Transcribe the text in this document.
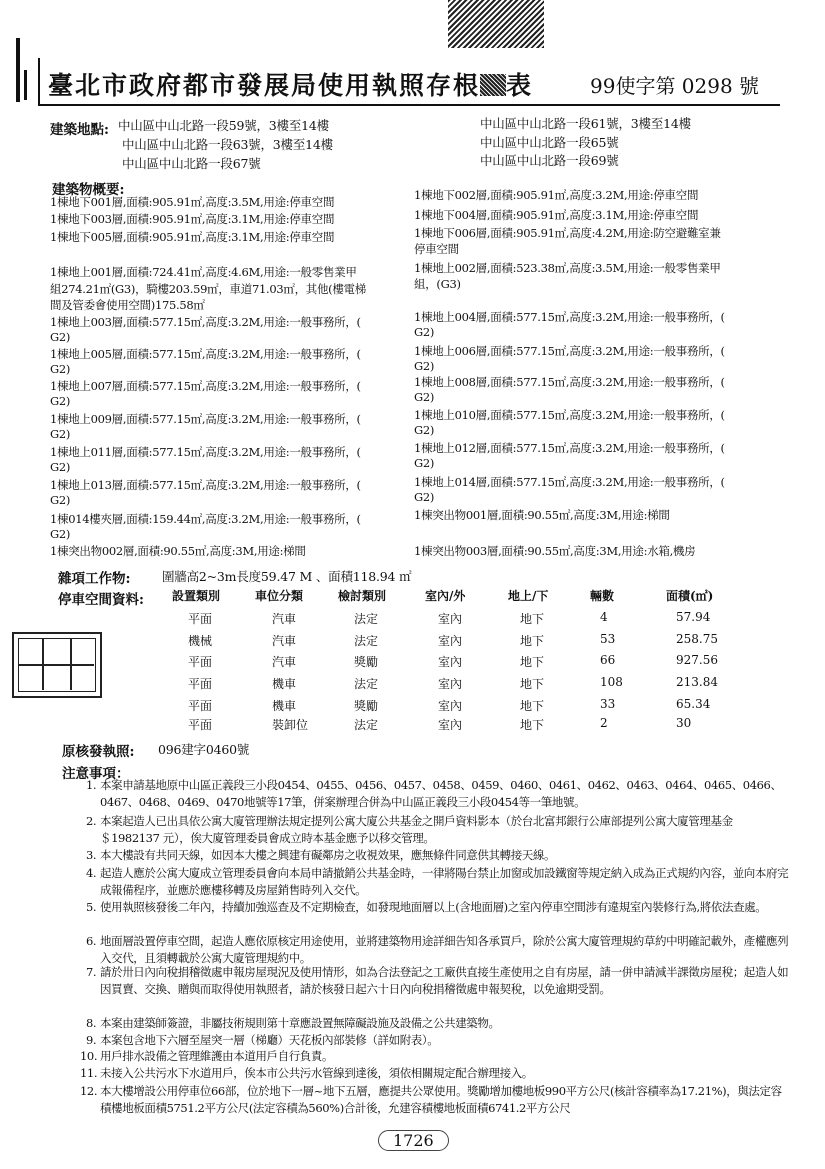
臺北市政府都市發展局使用執照存根 表	99使字第 0298 號
建築地點: 中山區中山北路一段59號，3樓至14樓	中山區中山北路一段61號，3樓至14樓
中山區中山北路一段63號，3樓至14樓	中山區中山北路一段65號
中山區中山北路一段67號	中山區中山北路一段69號
建築物概要:
1棟地下001層,面積:905.91㎡,高度:3.5M,用途:停車空間
1棟地下003層,面積:905.91㎡,高度:3.1M,用途:停車空間
1棟地下005層,面積:905.91㎡,高度:3.1M,用途:停車空間
1棟地上001層,面積:724.41㎡,高度:4.6M,用途:一般零售業甲
組274.21㎡(G3)，騎樓203.59㎡，車道71.03㎡，其他(樓電梯
間及管委會使用空間)175.58㎡
1棟地上003層,面積:577.15㎡,高度:3.2M,用途:一般事務所，(
G2)
1棟地上005層,面積:577.15㎡,高度:3.2M,用途:一般事務所，(
G2)
1棟地上007層,面積:577.15㎡,高度:3.2M,用途:一般事務所，(
G2)
1棟地上009層,面積:577.15㎡,高度:3.2M,用途:一般事務所，(
G2)
1棟地上011層,面積:577.15㎡,高度:3.2M,用途:一般事務所，(
G2)
1棟地上013層,面積:577.15㎡,高度:3.2M,用途:一般事務所，(
G2)
1棟014樓夾層,面積:159.44㎡,高度:3.2M,用途:一般事務所，(
G2)
1棟突出物002層,面積:90.55㎡,高度:3M,用途:梯間
1棟地下002層,面積:905.91㎡,高度:3.2M,用途:停車空間
1棟地下004層,面積:905.91㎡,高度:3.1M,用途:停車空間
1棟地下006層,面積:905.91㎡,高度:4.2M,用途:防空避難室兼
停車空間
1棟地上002層,面積:523.38㎡,高度:3.5M,用途:一般零售業甲
組，(G3)
1棟地上004層,面積:577.15㎡,高度:3.2M,用途:一般事務所，(
G2)
1棟地上006層,面積:577.15㎡,高度:3.2M,用途:一般事務所，(
G2)
1棟地上008層,面積:577.15㎡,高度:3.2M,用途:一般事務所，(
G2)
1棟地上010層,面積:577.15㎡,高度:3.2M,用途:一般事務所，(
G2)
1棟地上012層,面積:577.15㎡,高度:3.2M,用途:一般事務所，(
G2)
1棟地上014層,面積:577.15㎡,高度:3.2M,用途:一般事務所，(
G2)
1棟突出物001層,面積:90.55㎡,高度:3M,用途:梯間
1棟突出物003層,面積:90.55㎡,高度:3M,用途:水箱,機房
雜項工作物:	圍牆高2~3m長度59.47 M 、面積118.94 ㎡
停車空間資料: 設置類別	車位分類	檢討類別	室內/外	地上/下	輛數	面積(㎡)
平面	汽車	法定	室內	地下	4	57.94
機械	汽車	法定	室內	地下	53	258.75
平面	汽車	獎勵	室內	地下	66	927.56
平面	機車	法定	室內	地下	108	213.84
平面	機車	獎勵	室內	地下	33	65.34
平面	裝卸位	法定	室內	地下	2	30
原核發執照: 096建字0460號
注意事項：
1. 本案申請基地原中山區正義段三小段0454、0455、0456、0457、0458、0459、0460、0461、0462、0463、0464、0465、0466、0467、0468、0469、0470地號等17筆，併案辦理合併為中山區正義段三小段0454等一筆地號。
2. 本案起造人已出具依公寓大廈管理辦法規定提列公寓大廈公共基金之開戶資料影本（於台北富邦銀行公庫部提列公寓大廈管理基金＄1982137 元），俟大廈管理委員會成立時本基金應予以移交管理。
3. 本大樓設有共同天線，如因本大樓之興建有礙鄰房之收視效果，應無條件同意供其轉接天線。
4. 起造人應於公寓大廈成立管理委員會向本局申請撤銷公共基金時，一律將陽台禁止加窗或加設鐵窗等規定納入成為正式規約內容，並向本府完成報備程序，並應於應樓移轉及房屋銷售時列入交代。
5. 使用執照核發後二年內，持續加強巡查及不定期檢查，如發現地面層以上(含地面層)之室內停車空間涉有違規室內裝修行為,將依法查處。
6. 地面層設置停車空間，起造人應依原核定用途使用，並將建築物用途詳細告知各承買戶，除於公寓大廈管理規約草約中明確記載外，產權應列入交代，且須轉載於公寓大廈管理規約中。
7. 請於卅日內向稅捐稽徵處申報房屋現況及使用情形，如為合法登記之工廠供直接生產使用之自有房屋，請一併申請減半課徵房屋稅；起造人如因買賣、交換、贈與而取得使用執照者，請於核發日起六十日內向稅捐稽徵處申報契稅，以免逾期受罰。
8. 本案由建築師簽證，非屬技術規則第十章應設置無障礙設施及設備之公共建築物。
9. 本案包含地下六層至屋突一層（梯廳）天花板內部裝修（詳如附表）。
10. 用戶排水設備之管理維護由本道用戶自行負責。
11. 未接入公共污水下水道用戶，俟本市公共污水管線到達後，須依相關規定配合辦理接入。
12. 本大樓增設公用停車位66部，位於地下一層~地下五層，應提共公眾使用。獎勵增加樓地板990平方公尺(核計容積率為17.21%)，與法定容積樓地板面積5751.2平方公尺(法定容積為560%)合計後，允建容積樓地板面積6741.2平方公尺
1726
